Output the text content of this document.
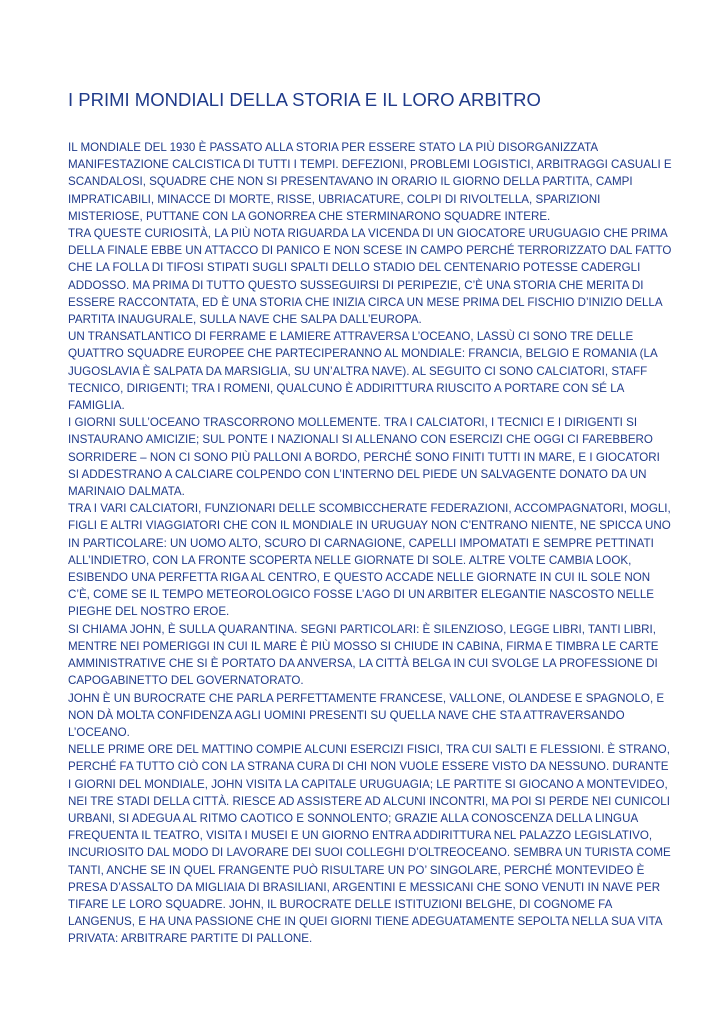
I PRIMI MONDIALI DELLA STORIA E IL LORO ARBITRO

IL MONDIALE DEL 1930 È PASSATO ALLA STORIA PER ESSERE STATO LA PIÙ DISORGANIZZATA MANIFESTAZIONE CALCISTICA DI TUTTI I TEMPI. DEFEZIONI, PROBLEMI LOGISTICI, ARBITRAGGI CASUALI E SCANDALOSI, SQUADRE CHE NON SI PRESENTAVANO IN ORARIO IL GIORNO DELLA PARTITA, CAMPI IMPRATICABILI, MINACCE DI MORTE, RISSE, UBRIACATURE, COLPI DI RIVOLTELLA, SPARIZIONI MISTERIOSE, PUTTANE CON LA GONORREA CHE STERMINARONO SQUADRE INTERE.

TRA QUESTE CURIOSITÀ, LA PIÙ NOTA RIGUARDA LA VICENDA DI UN GIOCATORE URUGUAGIO CHE PRIMA DELLA FINALE EBBE UN ATTACCO DI PANICO E NON SCESE IN CAMPO PERCHÉ TERRORIZZATO DAL FATTO CHE LA FOLLA DI TIFOSI STIPATI SUGLI SPALTI DELLO STADIO DEL CENTENARIO POTESSE CADERGLI ADDOSSO. MA PRIMA DI TUTTO QUESTO SUSSEGUIRSI DI PERIPEZIE, C’È UNA STORIA CHE MERITA DI ESSERE RACCONTATA, ED È UNA STORIA CHE INIZIA CIRCA UN MESE PRIMA DEL FISCHIO D’INIZIO DELLA PARTITA INAUGURALE, SULLA NAVE CHE SALPA DALL’EUROPA.

UN TRANSATLANTICO DI FERRAME E LAMIERE ATTRAVERSA L’OCEANO, LASSÙ CI SONO TRE DELLE QUATTRO SQUADRE EUROPEE CHE PARTECIPERANNO AL MONDIALE: FRANCIA, BELGIO E ROMANIA (LA JUGOSLAVIA È SALPATA DA MARSIGLIA, SU UN’ALTRA NAVE). AL SEGUITO CI SONO CALCIATORI, STAFF TECNICO, DIRIGENTI; TRA I ROMENI, QUALCUNO È ADDIRITTURA RIUSCITO A PORTARE CON SÉ LA FAMIGLIA.

I GIORNI SULL’OCEANO TRASCORRONO MOLLEMENTE. TRA I CALCIATORI, I TECNICI E I DIRIGENTI SI INSTAURANO AMICIZIE; SUL PONTE I NAZIONALI SI ALLENANO CON ESERCIZI CHE OGGI CI FAREBBERO SORRIDERE – NON CI SONO PIÙ PALLONI A BORDO, PERCHÉ SONO FINITI TUTTI IN MARE, E I GIOCATORI SI ADDESTRANO A CALCIARE COLPENDO CON L’INTERNO DEL PIEDE UN SALVAGENTE DONATO DA UN MARINAIO DALMATA.

TRA I VARI CALCIATORI, FUNZIONARI DELLE SCOMBICCHERATE FEDERAZIONI, ACCOMPAGNATORI, MOGLI, FIGLI E ALTRI VIAGGIATORI CHE CON IL MONDIALE IN URUGUAY NON C’ENTRANO NIENTE, NE SPICCA UNO IN PARTICOLARE: UN UOMO ALTO, SCURO DI CARNAGIONE, CAPELLI IMPOMATATI E SEMPRE PETTINATI ALL’INDIETRO, CON LA FRONTE SCOPERTA NELLE GIORNATE DI SOLE. ALTRE VOLTE CAMBIA LOOK, ESIBENDO UNA PERFETTA RIGA AL CENTRO, E QUESTO ACCADE NELLE GIORNATE IN CUI IL SOLE NON C’È, COME SE IL TEMPO METEOROLOGICO FOSSE L’AGO DI UN ARBITER ELEGANTIE NASCOSTO NELLE PIEGHE DEL NOSTRO EROE.

SI CHIAMA JOHN, È SULLA QUARANTINA. SEGNI PARTICOLARI: È SILENZIOSO, LEGGE LIBRI, TANTI LIBRI, MENTRE NEI POMERIGGI IN CUI IL MARE È PIÙ MOSSO SI CHIUDE IN CABINA, FIRMA E TIMBRA LE CARTE AMMINISTRATIVE CHE SI È PORTATO DA ANVERSA, LA CITTÀ BELGA IN CUI SVOLGE LA PROFESSIONE DI CAPOGABINETTO DEL GOVERNATORATO.

JOHN È UN BUROCRATE CHE PARLA PERFETTAMENTE FRANCESE, VALLONE, OLANDESE E SPAGNOLO, E NON DÀ MOLTA CONFIDENZA AGLI UOMINI PRESENTI SU QUELLA NAVE CHE STA ATTRAVERSANDO L’OCEANO.

NELLE PRIME ORE DEL MATTINO COMPIE ALCUNI ESERCIZI FISICI, TRA CUI SALTI E FLESSIONI. È STRANO, PERCHÉ FA TUTTO CIÒ CON LA STRANA CURA DI CHI NON VUOLE ESSERE VISTO DA NESSUNO. DURANTE I GIORNI DEL MONDIALE, JOHN VISITA LA CAPITALE URUGUAGIA; LE PARTITE SI GIOCANO A MONTEVIDEO, NEI TRE STADI DELLA CITTÀ. RIESCE AD ASSISTERE AD ALCUNI INCONTRI, MA POI SI PERDE NEI CUNICOLI URBANI, SI ADEGUA AL RITMO CAOTICO E SONNOLENTO; GRAZIE ALLA CONOSCENZA DELLA LINGUA FREQUENTA IL TEATRO, VISITA I MUSEI E UN GIORNO ENTRA ADDIRITTURA NEL PALAZZO LEGISLATIVO, INCURIOSITO DAL MODO DI LAVORARE DEI SUOI COLLEGHI D’OLTREOCEANO. SEMBRA UN TURISTA COME TANTI, ANCHE SE IN QUEL FRANGENTE PUÒ RISULTARE UN PO’ SINGOLARE, PERCHÉ MONTEVIDEO È PRESA D’ASSALTO DA MIGLIAIA DI BRASILIANI, ARGENTINI E MESSICANI CHE SONO VENUTI IN NAVE PER TIFARE LE LORO SQUADRE. JOHN, IL BUROCRATE DELLE ISTITUZIONI BELGHE, DI COGNOME FA LANGENUS, E HA UNA PASSIONE CHE IN QUEI GIORNI TIENE ADEGUATAMENTE SEPOLTA NELLA SUA VITA PRIVATA: ARBITRARE PARTITE DI PALLONE.
